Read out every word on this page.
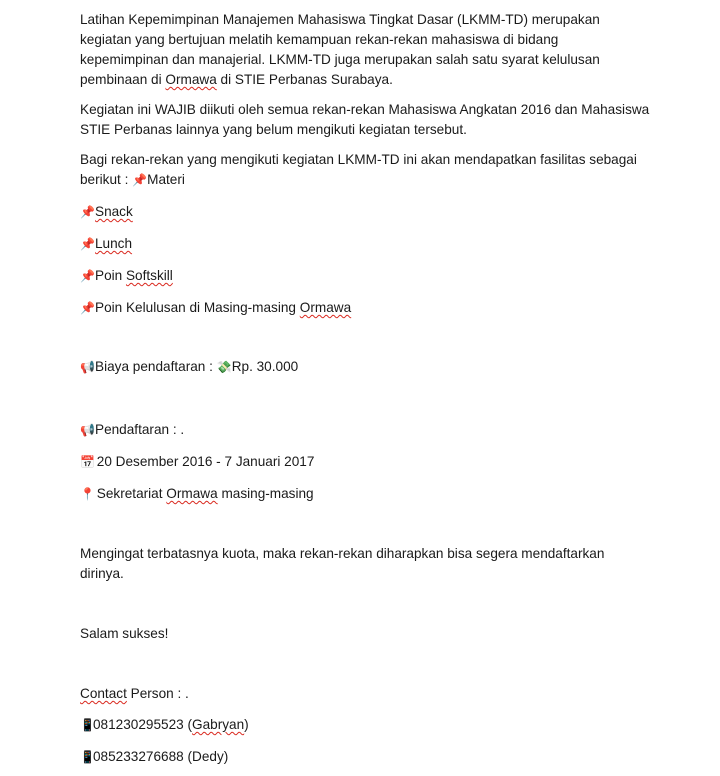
Latihan Kepemimpinan Manajemen Mahasiswa Tingkat Dasar (LKMM-TD) merupakan
kegiatan yang bertujuan melatih kemampuan rekan-rekan mahasiswa di bidang
kepemimpinan dan manajerial. LKMM-TD juga merupakan salah satu syarat kelulusan
pembinaan di Ormawa di STIE Perbanas Surabaya.

Kegiatan ini WAJIB diikuti oleh semua rekan-rekan Mahasiswa Angkatan 2016 dan Mahasiswa
STIE Perbanas lainnya yang belum mengikuti kegiatan tersebut.

Bagi rekan-rekan yang mengikuti kegiatan LKMM-TD ini akan mendapatkan fasilitas sebagai
berikut : 📌Materi

📌Snack
📌Lunch
📌Poin Softskill
📌Poin Kelulusan di Masing-masing Ormawa
📢Biaya pendaftaran : 💸Rp. 30.000
📢Pendaftaran : .
📅 20 Desember 2016 - 7 Januari 2017
📍 Sekretariat Ormawa masing-masing
Mengingat terbatasnya kuota, maka rekan-rekan diharapkan bisa segera mendaftarkan
dirinya.
Salam sukses!
Contact Person : .
📱081230295523 (Gabryan)
📱085233276688 (Dedy)
